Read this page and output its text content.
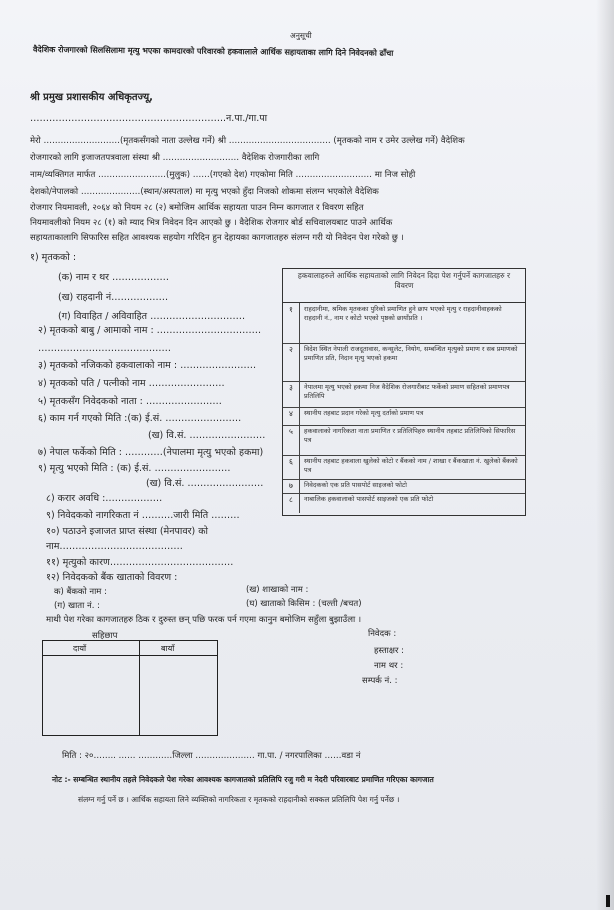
अनुसूची
वैदेशिक रोजगारको सिलसिलामा मृत्यु भएका कामदारको परिवारको हकवालाले आर्थिक सहायताका लागि दिने निवेदनको ढाँचा
श्री प्रमुख प्रशासकीय अधिकृतज्यू,
……………………………………………………..न.पा./गा.पा
मेरो ………………………(मृतकसँगको नाता उल्लेख गर्ने) श्री ……………………………… (मृतकको नाम र उमेर उल्लेख गर्ने) वैदेशिक
रोजगारको लागि इजाजतपत्रवाला संस्था श्री ……………………… वैदेशिक रोजगारीका लागि
नाम/व्यक्तिगत मार्फत ……………………(मुलुक) ……(गएको देश) गएकोमा मिति ……………………… मा निज सोही
देशको/नेपालको …………………(स्थान/अस्पताल) मा मृत्यु भएको हुँदा निजको शोकमा संलग्न भएकोले वैदेशिक
रोजगार नियमावली, २०६४ को नियम २८ (२) बमोजिम आर्थिक सहायता पाउन निम्न कागजात र विवरण सहित
नियमावलीको नियम २८ (१) को म्याद भित्र निवेदन दिन आएको छु । वैदेशिक रोजगार बोर्ड सचिवालयबाट पाउने आर्थिक
सहायताकालागि सिफारिस सहित आवश्यक सहयोग गरिदिन हुन देहायका कागजातहरु संलग्न गरी यो निवेदन पेश गरेको छु ।
१) मृतकको :
(क) नाम र थर ………………
(ख) राहदानी नं………………
(ग) विवाहित / अविवाहित …………………………
२) मृतकको बाबु / आमाको नाम : ……………………………
……………………………………
३) मृतकको नजिकको हकवालाको नाम : ……………………
४) मृतकको पति / पत्नीको नाम ……………………
५) मृतकसँग निवेदकको नाता : ……………………
६) काम गर्न गएको मिति :(क) ई.सं. ……………………
(ख) वि.सं. ……………………
७) नेपाल फर्केको मिति : …………(नेपालमा मृत्यु भएको हकमा)
९) मृत्यु भएको मिति : (क) ई.सं. ……………………
(ख) वि.सं. ……………………
८) करार अवधि :………………
९) निवेदकको नागरिकता नं ……….जारी मिति ………
१०) पठाउने इजाजत प्राप्त संस्था (मेनपावर) को
नाम…………………………………
११) मृत्युको कारण…………………………………
१२) निवेदकको बैंक खाताको विवरण :
क) बैंकको नाम :	(ख) शाखाको नाम :
(ग) खाता नं. :	(घ) खाताको किसिम : (चल्ती /बचत)
माथी पेश गरेका कागजातहरु ठिक र दुरुस्त छन् पछि फरक पर्न गएमा कानुन बमोजिम सहुँला बुझाउँला ।
सहिछाप
दायाँ	बायाँ
निवेदक :
हस्ताक्षर :
नाम थर :
सम्पर्क नं. :
मिति : २०…….. …… …………जिल्ला ………………… गा.पा. / नगरपालिका ……वडा नं
नोट :- सम्बन्धित स्थानीय तहले निवेदकले पेश गरेका आवश्यक कागजातको प्रतिलिपि रजु गरी म नेदरी परिवारबाट प्रमाणित गरिएका कागजात
संलग्न गर्नु पर्ने छ । आर्थिक सहायता लिने व्यक्तिको नागरिकता र मृतकको राहदानीको सक्कल प्रतिलिपि पेश गर्नु पर्नेछ ।
हकवालाहरुले आर्थिक सहायताको लागि निवेदन दिदा पेश गर्नुपर्ने कागजातहरु र विवरण
१	राहदानीमा, श्रमिक मृतकका पुरिको प्रमाणित हुने छाप भएको मृत्यु र राहदानीवाहकको राहदानी नं., नाम र कोटो भएको पृष्ठको छायाँप्रति ।
२	विदेश स्थित नेपाली राजदूतावास, कन्सुलेट, नियोग, सम्बन्धित मृत्युको प्रमाण र सब प्रमाणको प्रमाणित प्रति, निदान मृत्यु भएको हकमा
३	नेपालमा मृत्यु भएको हकमा निज वैदेशिक रोजगारीबाट फर्केको प्रमाण सहितको प्रमाणपत्र प्रतिलिपि
४	स्थानीय तहबाट प्रदान गरेको मृत्यु दर्ताको प्रमाण पत्र
५	हकवालाको नागरिकता नाता प्रमाणित र प्रतिलिपिहरु स्थानीय तहबाट प्रतिलिपिको सिफारिस पत्र
६	स्थानीय तहबाट हकवाला खुलेको कोटो र बैंकको नाम / शाखा र बैंकखाता नं. खुलेको बैंकको पत्र
७	निवेदकको एक प्रति पासपोर्ट साइजको फोटो
८	नाबालिक हकवालाको पासपोर्ट साइजको एक प्रति फोटो
